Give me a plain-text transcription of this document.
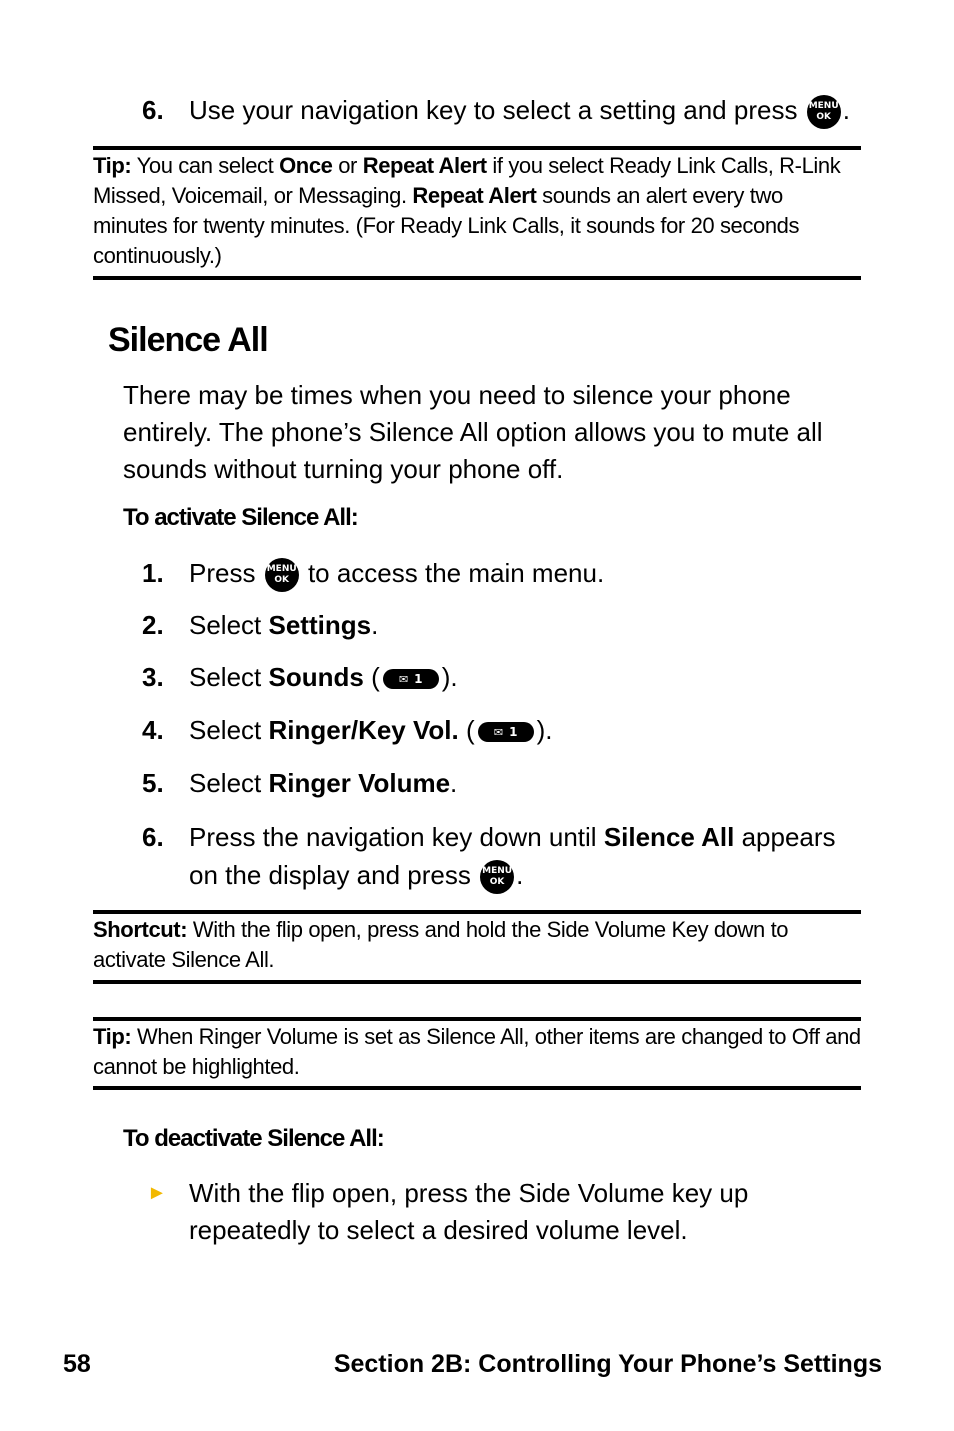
6. Use your navigation key to select a setting and press MENU
OK .
Tip: You can select Once or Repeat Alert if you select Ready Link Calls, R-Link Missed, Voicemail, or Messaging. Repeat Alert sounds an alert every two minutes for twenty minutes. (For Ready Link Calls, it sounds for 20 seconds continuously.)
Silence All
There may be times when you need to silence your phone entirely. The phone’s Silence All option allows you to mute all sounds without turning your phone off.
To activate Silence All:
1. Press MENU
OK to access the main menu.
2. Select Settings.
3. Select Sounds ( ✉ 1 ).
4. Select Ringer/Key Vol. ( ✉ 1 ).
5. Select Ringer Volume.
6. Press the navigation key down until Silence All appears
on the display and press MENU
OK .
Shortcut: With the flip open, press and hold the Side Volume Key down to activate Silence All.
Tip: When Ringer Volume is set as Silence All, other items are changed to Off and cannot be highlighted.
To deactivate Silence All:
► With the flip open, press the Side Volume key up
repeatedly to select a desired volume level.
58	Section 2B: Controlling Your Phone’s Settings
